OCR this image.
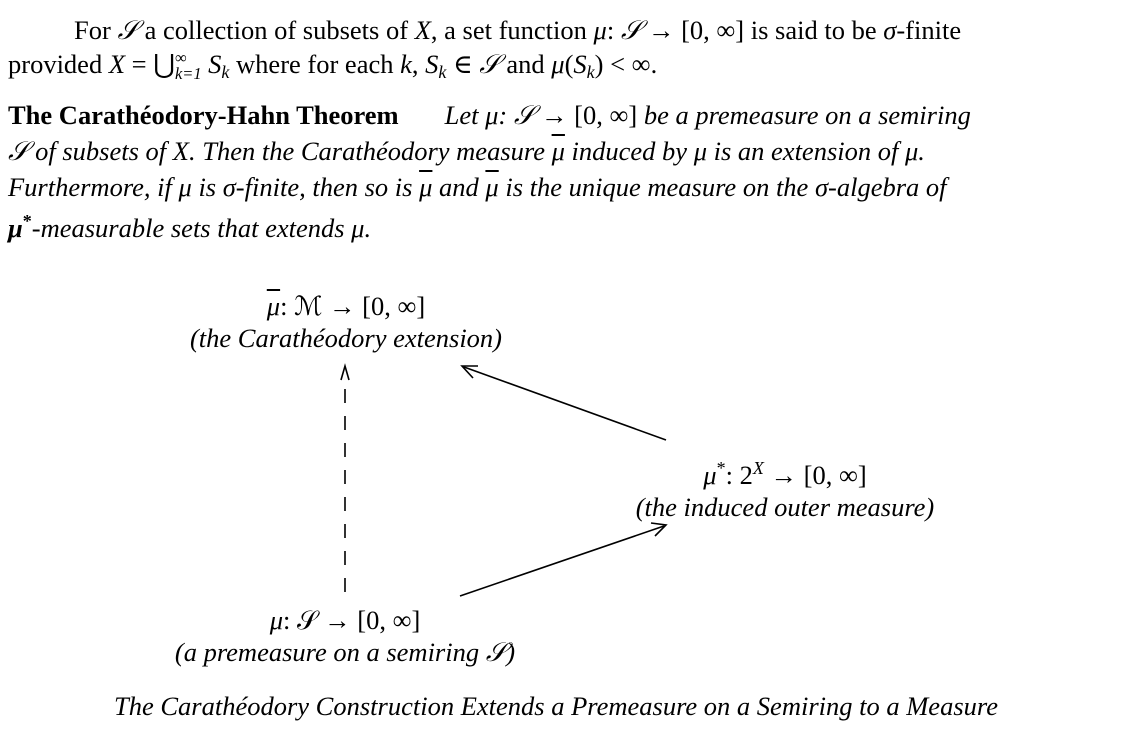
For 𝒮 a collection of subsets of X, a set function μ: 𝒮 → [0, ∞] is said to be σ-finite
provided X = ⋃∞
k=1 $S_k$ where for each k, $S_k$ ∈ 𝒮 and $\mu(S_k)$ < ∞.
The Carathéodory-Hahn Theorem Let μ: 𝒮 → [0, ∞] be a premeasure on a semiring
𝒮 of subsets of X. Then the Carathéodory measure $\overline{\mu}$ induced by μ is an extension of μ.
Furthermore, if μ is σ-finite, then so is $\overline{\mu}$ and $\overline{\mu}$ is the unique measure on the σ-algebra of
μ*-measurable sets that extends μ.
$\overline{\mu}$: ℳ → [0, ∞]
(the Carathéodory extension)
μ*: $2^X \to [0$, ∞]
(the induced outer measure)
μ: 𝒮 → [0, ∞]
(a premeasure on a semiring 𝒮)
The Carathéodory Construction Extends a Premeasure on a Semiring to a Measure
